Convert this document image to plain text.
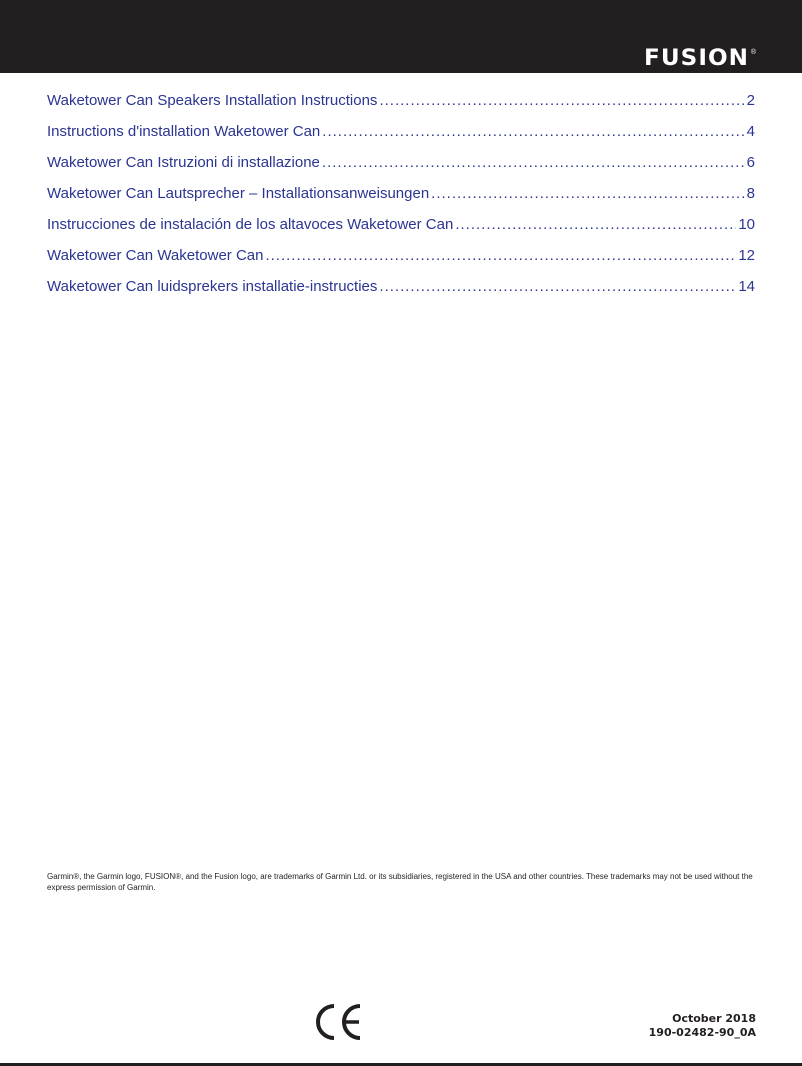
FUSION ®
Waketower Can Speakers Installation Instructions .....	2
Instructions d'installation Waketower Can .....	4
Waketower Can Istruzioni di installazione .....	6
Waketower Can Lautsprecher – Installationsanweisungen .....	8
Instrucciones de instalación de los altavoces Waketower Can .....	10
Waketower Can Waketower Can .....	12
Waketower Can luidsprekers installatie-instructies .....	14
Garmin®, the Garmin logo, FUSION®, and the Fusion logo, are trademarks of Garmin Ltd. or its subsidiaries, registered in the USA and other countries. These trademarks may not be used without the express permission of Garmin.
October 2018
190-02482-90_0A
